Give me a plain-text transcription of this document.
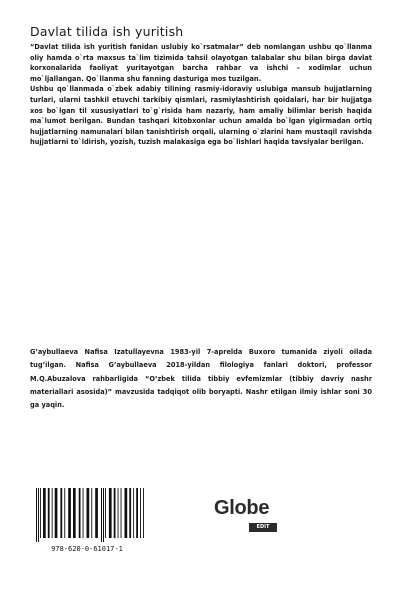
Davlat tilida ish yuritish

“Davlat tilida ish yuritish fanidan uslubiy ko`rsatmalar” deb nomlangan ushbu qo`llanma oliy hamda o`rta maxsus ta`lim tizimida tahsil olayotgan talabalar shu bilan birga davlat korxonalarida faoliyat yuritayotgan barcha rahbar va ishchi – xodimlar uchun mo`ljallangan. Qo`llanma shu fanning dasturiga mos tuzilgan.

Ushbu qo`llanmada o`zbek adabiy tilining rasmiy-idoraviy uslubiga mansub hujjatlarning turlari, ularni tashkil etuvchi tarkibiy qismlari, rasmiylashtirish qoidalari, har bir hujjatga xos bo`lgan til xususiyatlari to`g`risida ham nazariy, ham amaliy bilimlar berish haqida ma`lumot berilgan. Bundan tashqari kitobxonlar uchun amalda bo`lgan yigirmadan ortiq hujjatlarning namunalari bilan tanishtirish orqali, ularning o`zlarini ham mustaqil ravishda hujjatlarni to`ldirish, yozish, tuzish malakasiga ega bo`lishlari haqida tavsiyalar berilgan.

G’aybullaeva Nafisa Izatullayevna 1983-yil 7-aprelda Buxoro tumanida ziyoli oilada tug’ilgan. Nafisa G’aybullaeva 2018-yildan filologiya fanlari doktori, professor M.Q.Abuzalova rahbarligida “O’zbek tilida tibbiy evfemizmlar (tibbiy davriy nashr materiallari asosida)” mavzusida tadqiqot olib boryapti. Nashr etilgan ilmiy ishlar soni 30 ga yaqin.
978-620-0-61017-1
Globe
EDIT
